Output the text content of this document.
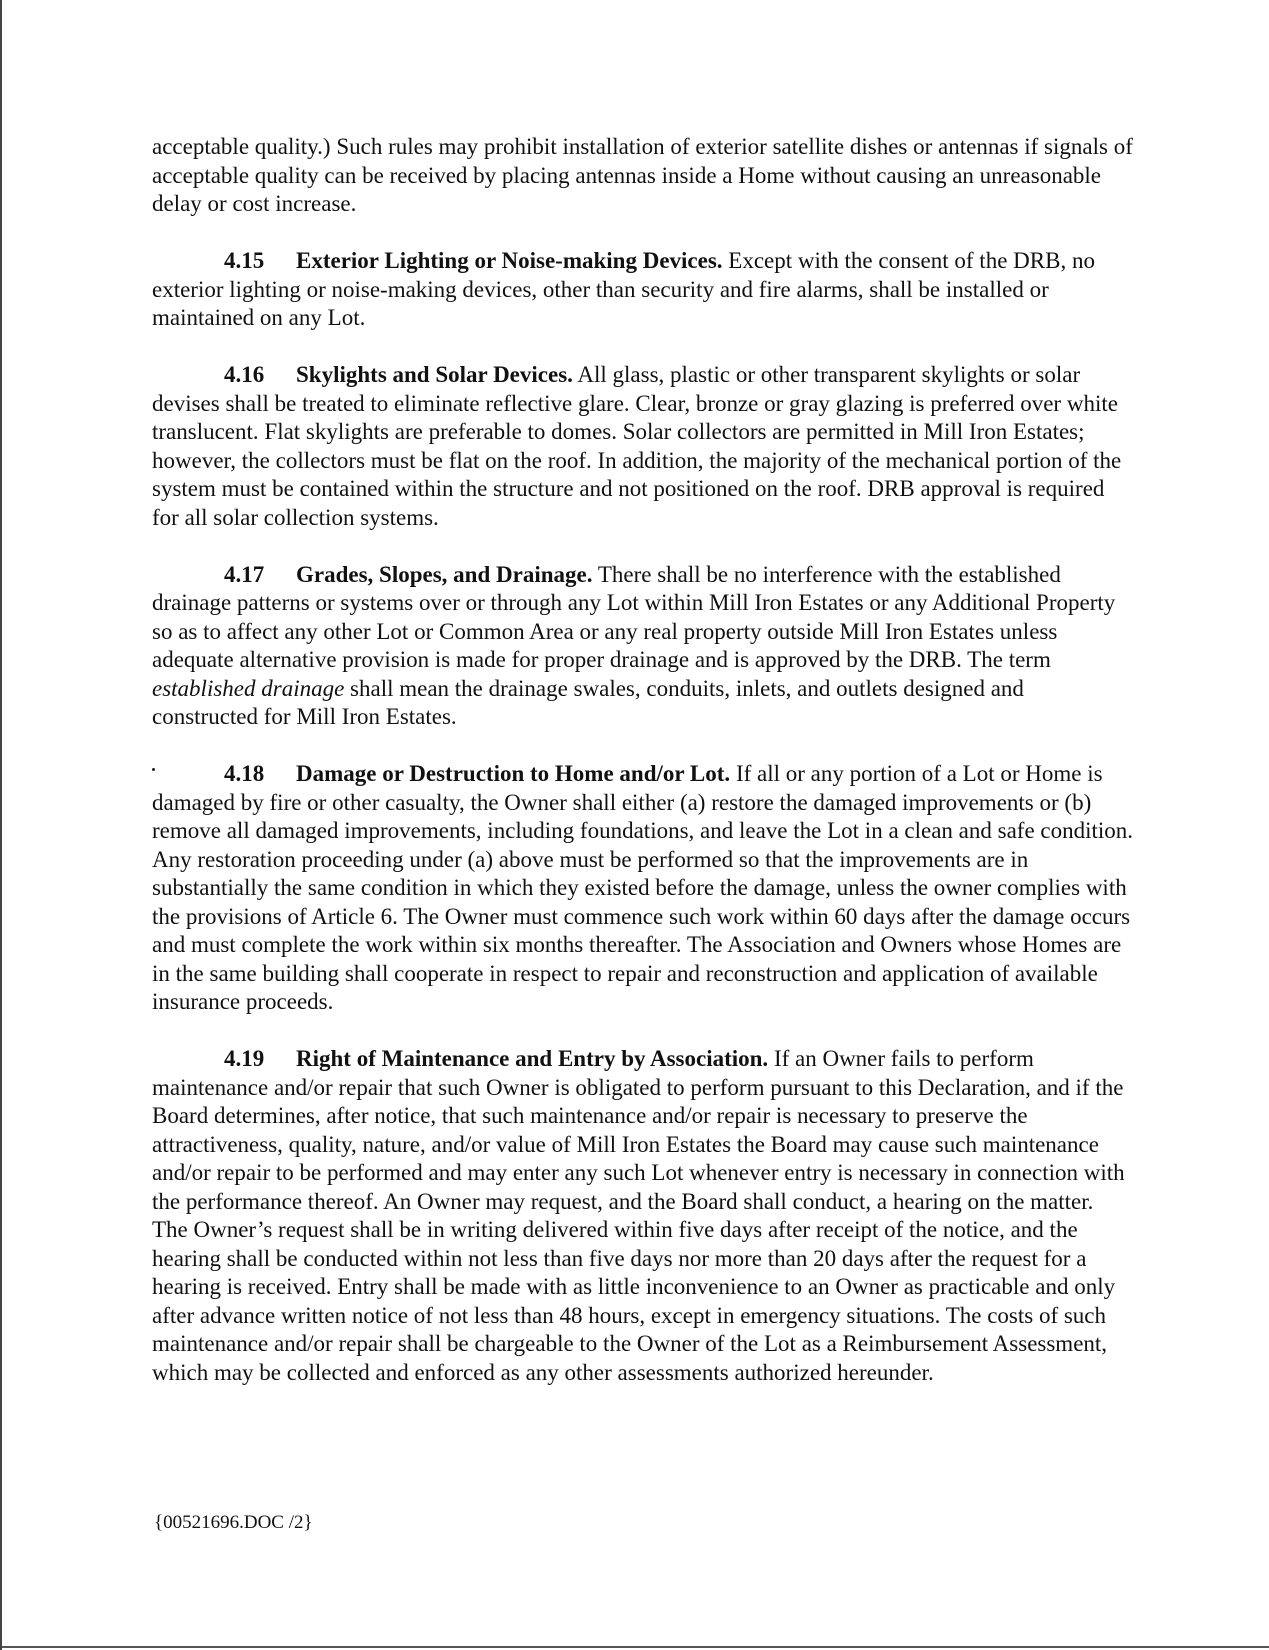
acceptable quality.) Such rules may prohibit installation of exterior satellite dishes or antennas if signals of acceptable quality can be received by placing antennas inside a Home without causing an unreasonable delay or cost increase.

4.15 Exterior Lighting or Noise-making Devices. Except with the consent of the DRB, no exterior lighting or noise-making devices, other than security and fire alarms, shall be installed or maintained on any Lot.

4.16 Skylights and Solar Devices. All glass, plastic or other transparent skylights or solar devises shall be treated to eliminate reflective glare. Clear, bronze or gray glazing is preferred over white translucent. Flat skylights are preferable to domes. Solar collectors are permitted in Mill Iron Estates; however, the collectors must be flat on the roof. In addition, the majority of the mechanical portion of the system must be contained within the structure and not positioned on the roof. DRB approval is required for all solar collection systems.

4.17 Grades, Slopes, and Drainage. There shall be no interference with the established drainage patterns or systems over or through any Lot within Mill Iron Estates or any Additional Property so as to affect any other Lot or Common Area or any real property outside Mill Iron Estates unless adequate alternative provision is made for proper drainage and is approved by the DRB. The term established drainage shall mean the drainage swales, conduits, inlets, and outlets designed and constructed for Mill Iron Estates.

4.18 Damage or Destruction to Home and/or Lot. If all or any portion of a Lot or Home is damaged by fire or other casualty, the Owner shall either (a) restore the damaged improvements or (b) remove all damaged improvements, including foundations, and leave the Lot in a clean and safe condition. Any restoration proceeding under (a) above must be performed so that the improvements are in substantially the same condition in which they existed before the damage, unless the owner complies with the provisions of Article 6. The Owner must commence such work within 60 days after the damage occurs and must complete the work within six months thereafter. The Association and Owners whose Homes are in the same building shall cooperate in respect to repair and reconstruction and application of available insurance proceeds.

4.19 Right of Maintenance and Entry by Association. If an Owner fails to perform maintenance and/or repair that such Owner is obligated to perform pursuant to this Declaration, and if the Board determines, after notice, that such maintenance and/or repair is necessary to preserve the attractiveness, quality, nature, and/or value of Mill Iron Estates the Board may cause such maintenance and/or repair to be performed and may enter any such Lot whenever entry is necessary in connection with the performance thereof. An Owner may request, and the Board shall conduct, a hearing on the matter. The Owner’s request shall be in writing delivered within five days after receipt of the notice, and the hearing shall be conducted within not less than five days nor more than 20 days after the request for a hearing is received. Entry shall be made with as little inconvenience to an Owner as practicable and only after advance written notice of not less than 48 hours, except in emergency situations. The costs of such maintenance and/or repair shall be chargeable to the Owner of the Lot as a Reimbursement Assessment, which may be collected and enforced as any other assessments authorized hereunder.

{00521696.DOC /2}
